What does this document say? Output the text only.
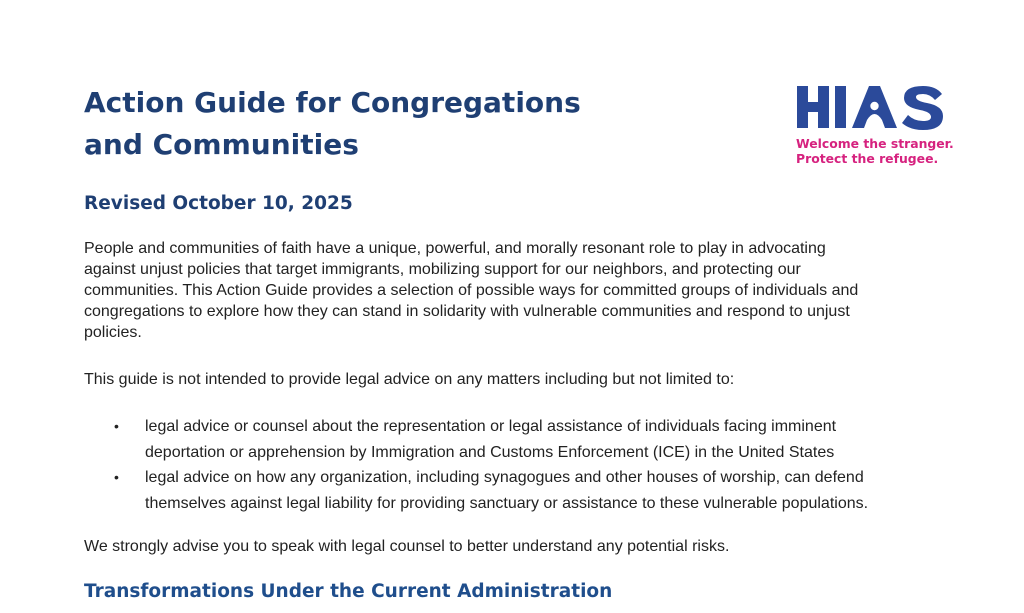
Action Guide for Congregations
and Communities	Welcome the stranger.
Protect the refugee.
Revised October 10, 2025

People and communities of faith have a unique, powerful, and morally resonant role to play in advocating
against unjust policies that target immigrants, mobilizing support for our neighbors, and protecting our
communities. This Action Guide provides a selection of possible ways for committed groups of individuals and
congregations to explore how they can stand in solidarity with vulnerable communities and respond to unjust
policies.

This guide is not intended to provide legal advice on any matters including but not limited to:

• legal advice or counsel about the representation or legal assistance of individuals facing imminent
deportation or apprehension by Immigration and Customs Enforcement (ICE) in the United States
• legal advice on how any organization, including synagogues and other houses of worship, can defend
themselves against legal liability for providing sanctuary or assistance to these vulnerable populations.

We strongly advise you to speak with legal counsel to better understand any potential risks.

Transformations Under the Current Administration
